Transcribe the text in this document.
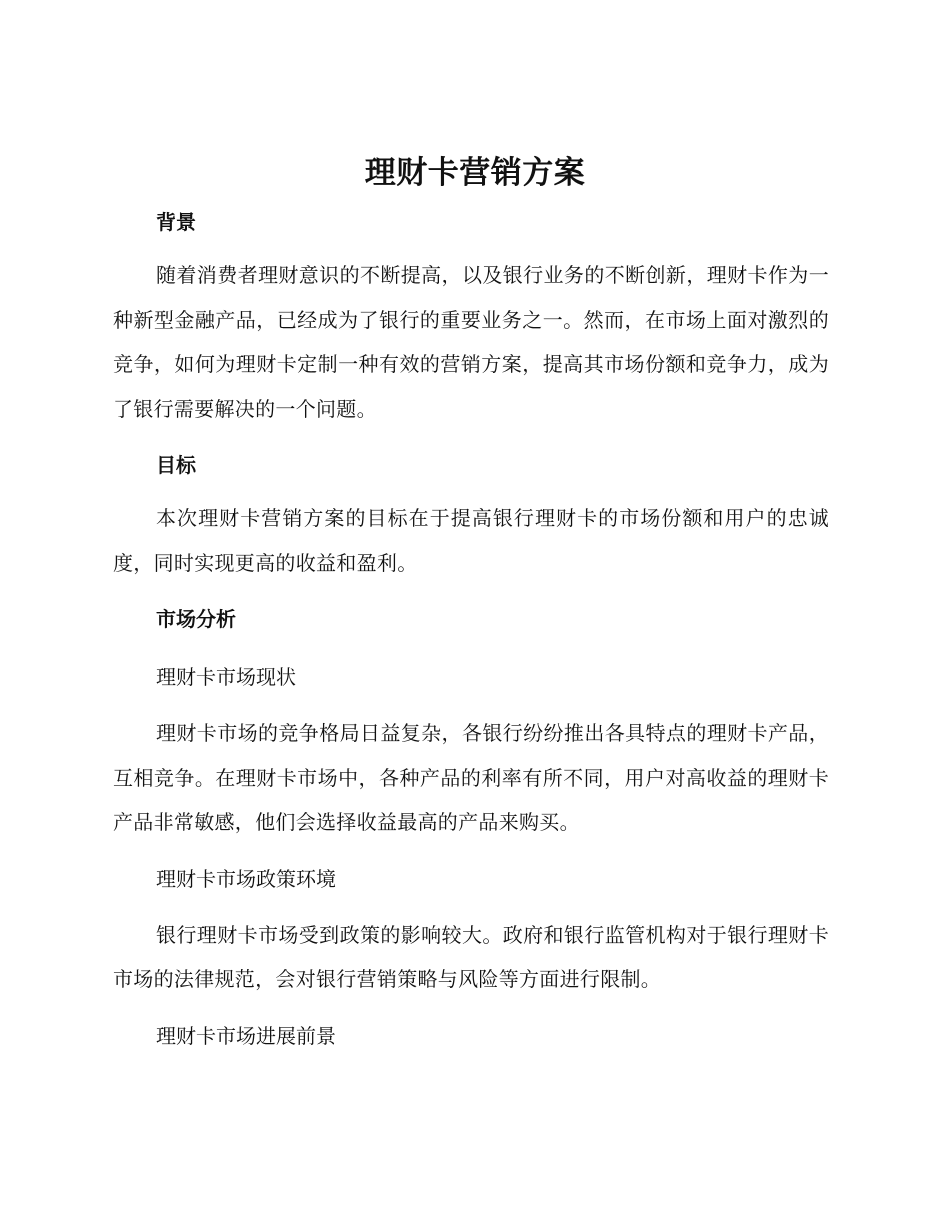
理财卡营销方案
背景

随着消费者理财意识的不断提高，以及银行业务的不断创新，理财卡作为一种新型金融产品，已经成为了银行的重要业务之一。然而，在市场上面对激烈的竞争，如何为理财卡定制一种有效的营销方案，提高其市场份额和竞争力，成为了银行需要解决的一个问题。

目标

本次理财卡营销方案的目标在于提高银行理财卡的市场份额和用户的忠诚度，同时实现更高的收益和盈利。

市场分析
理财卡市场现状

理财卡市场的竞争格局日益复杂，各银行纷纷推出各具特点的理财卡产品，互相竞争。在理财卡市场中，各种产品的利率有所不同，用户对高收益的理财卡产品非常敏感，他们会选择收益最高的产品来购买。

理财卡市场政策环境

银行理财卡市场受到政策的影响较大。政府和银行监管机构对于银行理财卡市场的法律规范，会对银行营销策略与风险等方面进行限制。

理财卡市场进展前景
